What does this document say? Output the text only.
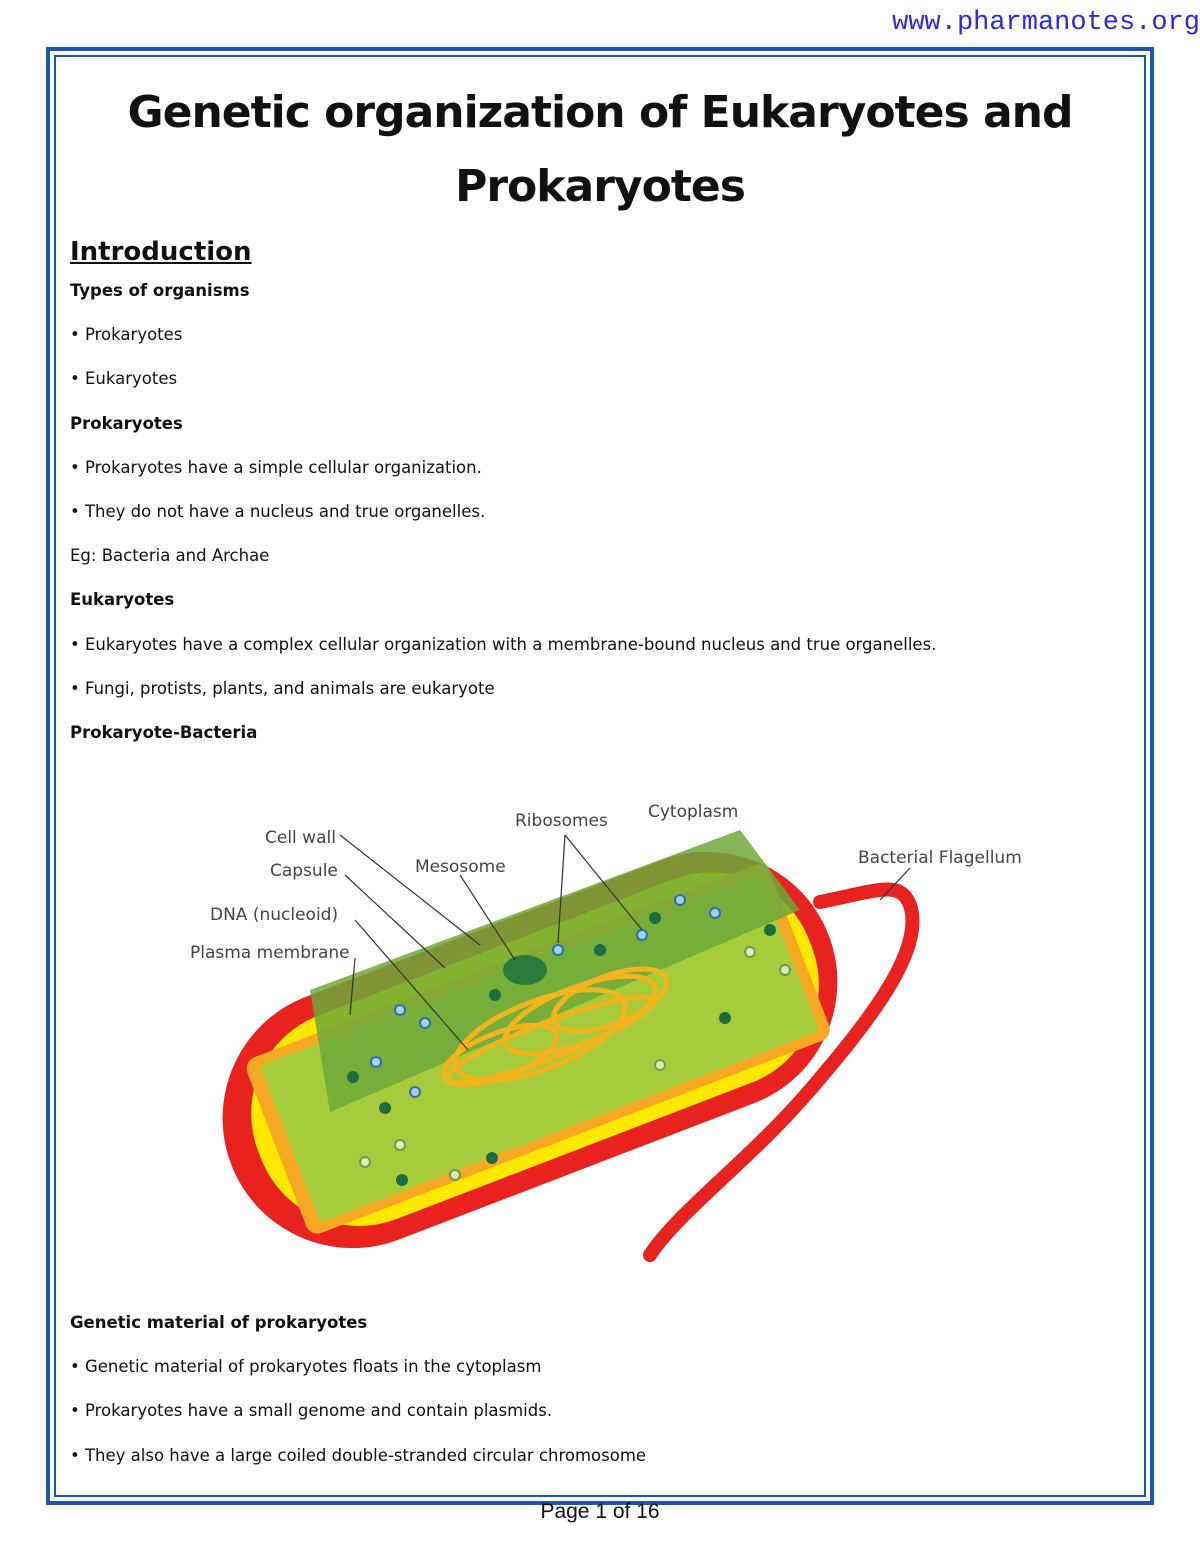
www.pharmanotes.org
Genetic organization of Eukaryotes and
Prokaryotes

Introduction

Types of organisms

• Prokaryotes

• Eukaryotes

Prokaryotes

• Prokaryotes have a simple cellular organization.

• They do not have a nucleus and true organelles.

Eg: Bacteria and Archae

Eukaryotes

• Eukaryotes have a complex cellular organization with a membrane-bound nucleus and true organelles.

• Fungi, protists, plants, and animals are eukaryote

Prokaryote-Bacteria

Cell wall
Capsule
DNA (nucleoid)
Plasma membrane
Mesosome
Ribosomes Cytoplasm
Bacterial Flagellum

Genetic material of prokaryotes

• Genetic material of prokaryotes floats in the cytoplasm

• Prokaryotes have a small genome and contain plasmids.

• They also have a large coiled double-stranded circular chromosome

Page 1 of 16
